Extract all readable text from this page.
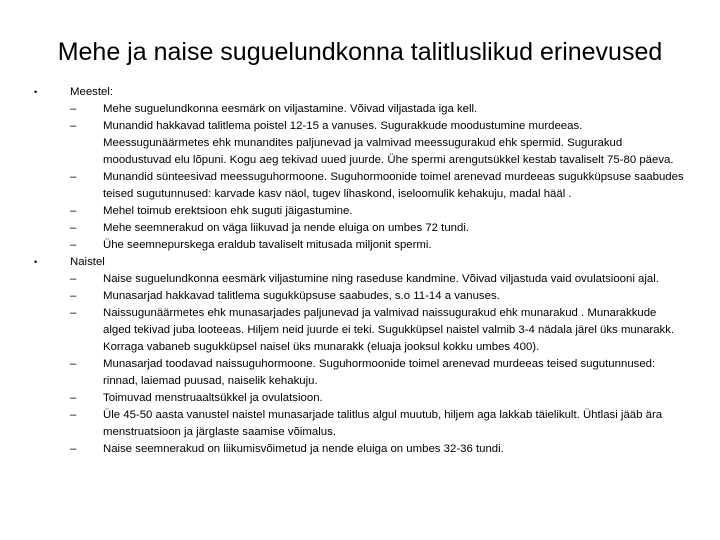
Mehe ja naise suguelundkonna talitluslikud erinevused
•	Meestel:
– Mehe suguelundkonna eesmärk on viljastamine. Võivad viljastada iga kell.
– Munandid hakkavad talitlema poistel 12-15 a vanuses. Sugurakkude moodustumine murdeeas. Meessugunäärmetes ehk munandites paljunevad ja valmivad meessugurakud ehk spermid. Sugurakud moodustuvad elu lõpuni. Kogu aeg tekivad uued juurde. Ühe spermi arengutsükkel kestab tavaliselt 75-80 päeva.
– Munandid sünteesivad meessuguhormoone. Suguhormoonide toimel arenevad murdeeas sugukküpsuse saabudes teised sugutunnused: karvade kasv näol, tugev lihaskond, iseloomulik kehakuju, madal hääl .
– Mehel toimub erektsioon ehk suguti jäigastumine.
– Mehe seemnerakud on väga liikuvad ja nende eluiga on umbes 72 tundi.
– Ühe seemnepurskega eraldub tavaliselt mitusada miljonit spermi.
•	Naistel
– Naise suguelundkonna eesmärk viljastumine ning raseduse kandmine. Võivad viljastuda vaid ovulatsiooni ajal.
– Munasarjad hakkavad talitlema sugukküpsuse saabudes, s.o 11-14 a vanuses.
– Naissugunäärmetes ehk munasarjades paljunevad ja valmivad naissugurakud ehk munarakud . Munarakkude alged tekivad juba looteeas. Hiljem neid juurde ei teki. Sugukküpsel naistel valmib 3-4 nädala järel üks munarakk. Korraga vabaneb sugukküpsel naisel üks munarakk (eluaja jooksul kokku umbes 400).
– Munasarjad toodavad naissuguhormoone. Suguhormoonide toimel arenevad murdeeas teised sugutunnused: rinnad, laiemad puusad, naiselik kehakuju.
– Toimuvad menstruaaltsükkel ja ovulatsioon.
– Üle 45-50 aasta vanustel naistel munasarjade talitlus algul muutub, hiljem aga lakkab täielikult. Ühtlasi jääb ära menstruatsioon ja järglaste saamise võimalus.
– Naise seemnerakud on liikumisvõimetud ja nende eluiga on umbes 32-36 tundi.
